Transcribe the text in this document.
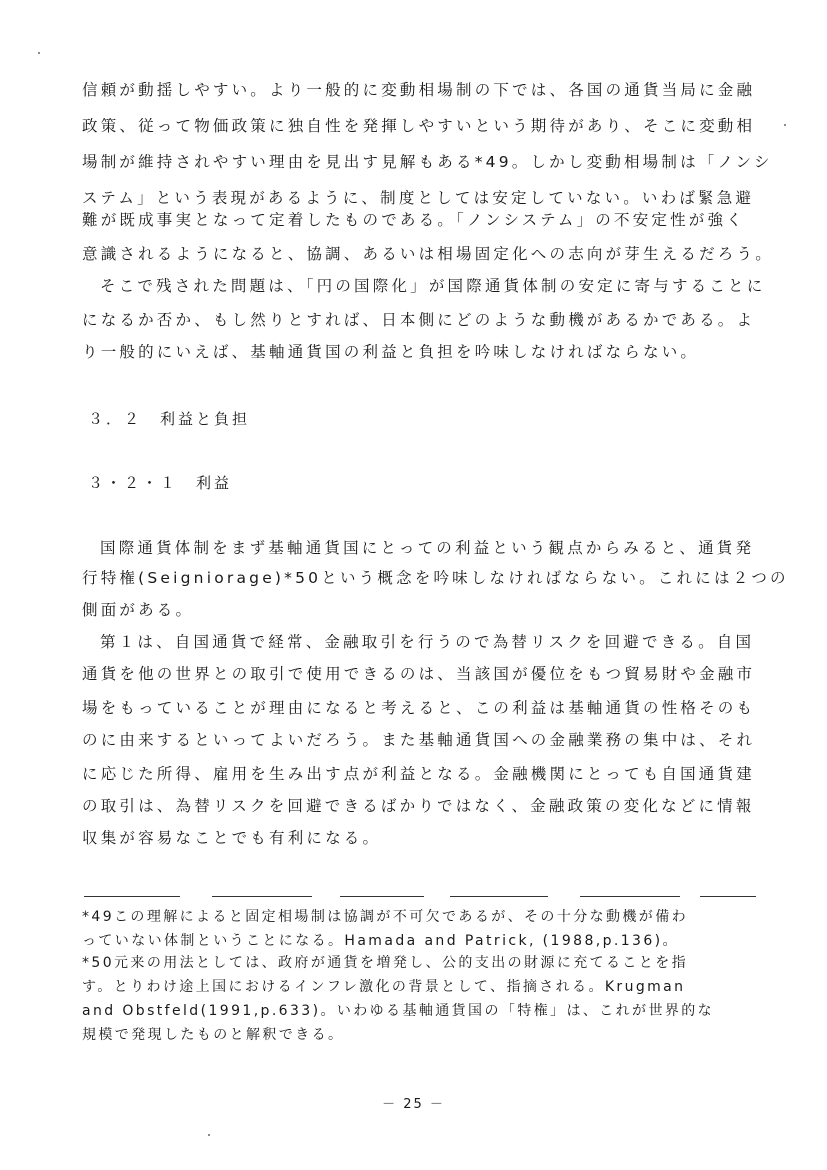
信頼が動揺しやすい。より一般的に変動相場制の下では、各国の通貨当局に金融
政策、従って物価政策に独自性を発揮しやすいという期待があり、そこに変動相
場制が維持されやすい理由を見出す見解もある*49。しかし変動相場制は「ノンシ
ステム」という表現があるように、制度としては安定していない。いわば緊急避
難が既成事実となって定着したものである。「ノンシステム」の不安定性が強く
意識されるようになると、協調、あるいは相場固定化への志向が芽生えるだろう。
そこで残された問題は、「円の国際化」が国際通貨体制の安定に寄与することに
になるか否か、もし然りとすれば、日本側にどのような動機があるかである。よ
り一般的にいえば、基軸通貨国の利益と負担を吟味しなければならない。
３．２　利益と負担
３・２・１　利益
国際通貨体制をまず基軸通貨国にとっての利益という観点からみると、通貨発
行特権(Seigniorage)*50という概念を吟味しなければならない。これには２つの
側面がある。
第１は、自国通貨で経常、金融取引を行うので為替リスクを回避できる。自国
通貨を他の世界との取引で使用できるのは、当該国が優位をもつ貿易財や金融市
場をもっていることが理由になると考えると、この利益は基軸通貨の性格そのも
のに由来するといってよいだろう。また基軸通貨国への金融業務の集中は、それ
に応じた所得、雇用を生み出す点が利益となる。金融機関にとっても自国通貨建
の取引は、為替リスクを回避できるばかりではなく、金融政策の変化などに情報
収集が容易なことでも有利になる。
*49この理解によると固定相場制は協調が不可欠であるが、その十分な動機が備わ
っていない体制ということになる。Hamada and Patrick, (1988,p.136)。
*50元来の用法としては、政府が通貨を増発し、公的支出の財源に充てることを指
す。とりわけ途上国におけるインフレ激化の背景として、指摘される。Krugman
and Obstfeld(1991,p.633)。いわゆる基軸通貨国の「特権」は、これが世界的な
規模で発現したものと解釈できる。
－ 25 －
